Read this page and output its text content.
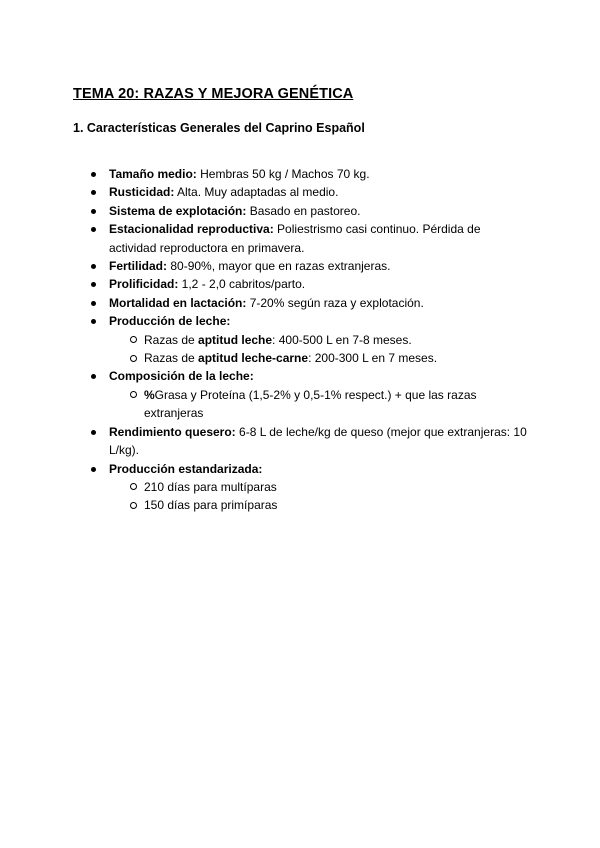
TEMA 20: RAZAS Y MEJORA GENÉTICA
1. Características Generales del Caprino Español
Tamaño medio: Hembras 50 kg / Machos 70 kg.
Rusticidad: Alta. Muy adaptadas al medio.
Sistema de explotación: Basado en pastoreo.
Estacionalidad reproductiva: Poliestrismo casi continuo. Pérdida de actividad reproductora en primavera.
Fertilidad: 80-90%, mayor que en razas extranjeras.
Prolificidad: 1,2 - 2,0 cabritos/parto.
Mortalidad en lactación: 7-20% según raza y explotación.
Producción de leche:
Razas de aptitud leche: 400-500 L en 7-8 meses.
Razas de aptitud leche-carne: 200-300 L en 7 meses.
Composición de la leche:
%Grasa y Proteína (1,5-2% y 0,5-1% respect.) + que las razas extranjeras
Rendimiento quesero: 6-8 L de leche/kg de queso (mejor que extranjeras: 10 L/kg).
Producción estandarizada:
210 días para multíparas
150 días para primíparas
